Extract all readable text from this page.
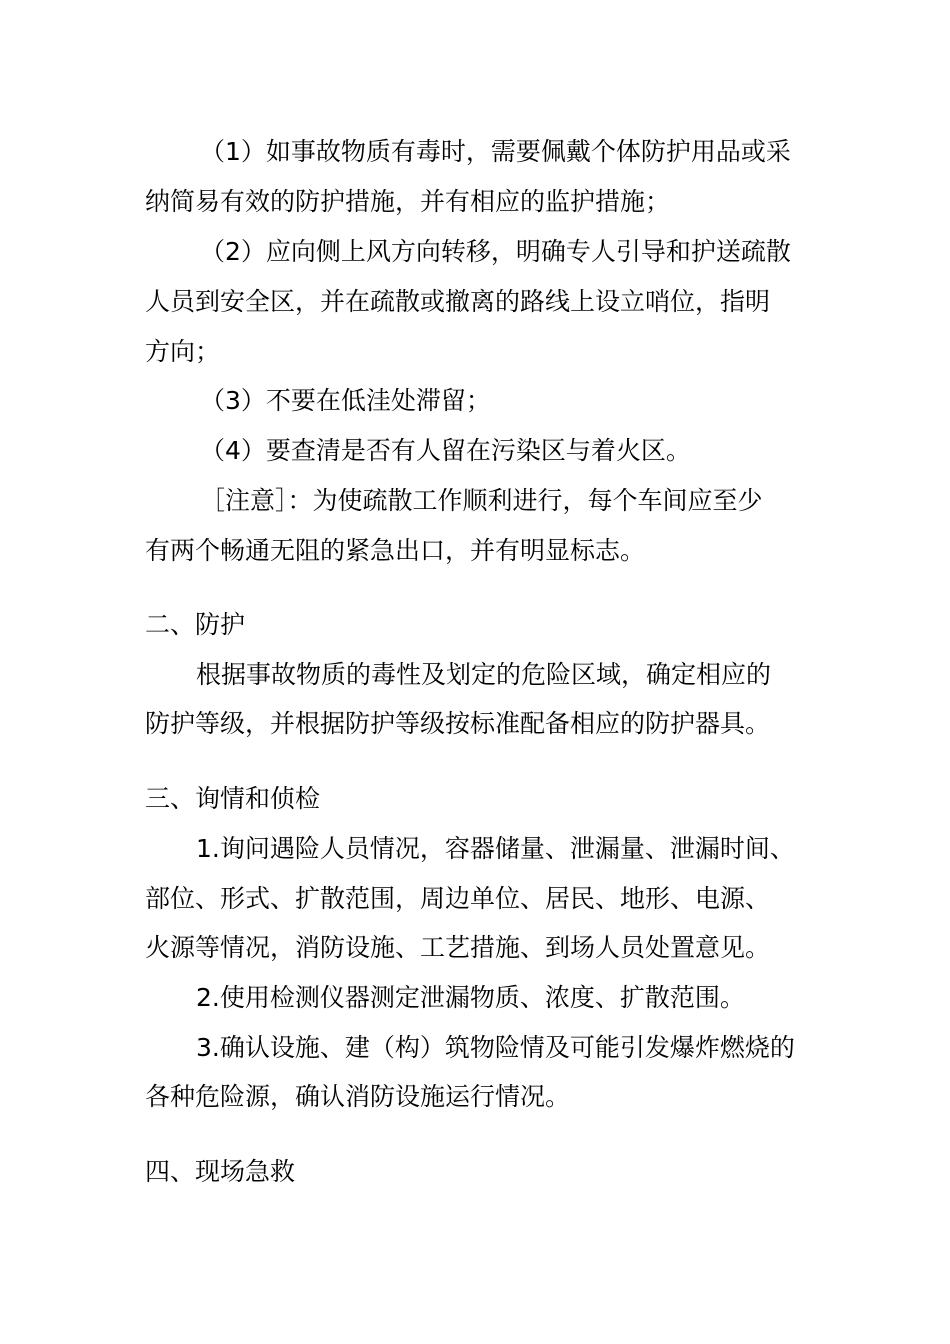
（1）如事故物质有毒时，需要佩戴个体防护用品或采

纳简易有效的防护措施，并有相应的监护措施；

（2）应向侧上风方向转移，明确专人引导和护送疏散

人员到安全区，并在疏散或撤离的路线上设立哨位，指明

方向；

（3）不要在低洼处滞留；

（4）要查清是否有人留在污染区与着火区。

［注意］：为使疏散工作顺利进行，每个车间应至少

有两个畅通无阻的紧急出口，并有明显标志。

二、防护

根据事故物质的毒性及划定的危险区域，确定相应的

防护等级，并根据防护等级按标准配备相应的防护器具。

三、询情和侦检

1.询问遇险人员情况，容器储量、泄漏量、泄漏时间、

部位、形式、扩散范围，周边单位、居民、地形、电源、

火源等情况，消防设施、工艺措施、到场人员处置意见。

2.使用检测仪器测定泄漏物质、浓度、扩散范围。

3.确认设施、建（构）筑物险情及可能引发爆炸燃烧的

各种危险源，确认消防设施运行情况。

四、现场急救
